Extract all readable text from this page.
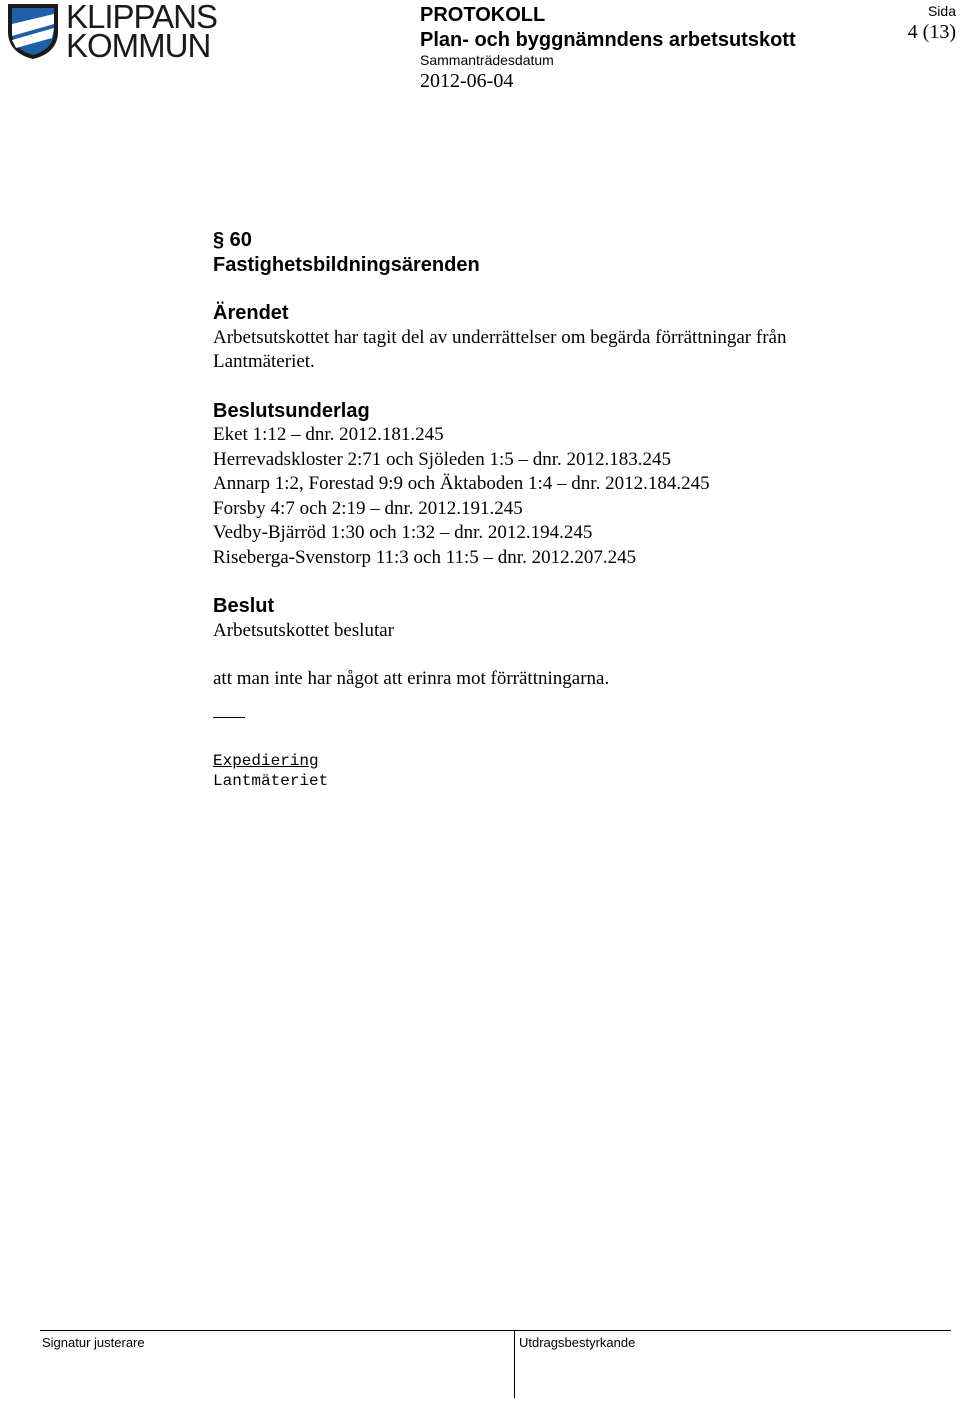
KLIPPANS
KOMMUN
PROTOKOLL
Plan- och byggnämndens arbetsutskott
Sammanträdesdatum
2012-06-04
Sida
4 (13)

§ 60

Fastighetsbildningsärenden

Ärendet

Arbetsutskottet har tagit del av underrättelser om begärda förrättningar från

Lantmäteriet.

Beslutsunderlag

Eket 1:12 – dnr. 2012.181.245

Herrevadskloster 2:71 och Sjöleden 1:5 – dnr. 2012.183.245

Annarp 1:2, Forestad 9:9 och Äktaboden 1:4 – dnr. 2012.184.245

Forsby 4:7 och 2:19 – dnr. 2012.191.245

Vedby-Bjärröd 1:30 och 1:32 – dnr. 2012.194.245

Riseberga-Svenstorp 11:3 och 11:5 – dnr. 2012.207.245

Beslut

Arbetsutskottet beslutar

att man inte har något att erinra mot förrättningarna.

Expediering

Lantmäteriet

Signatur justerare	Utdragsbestyrkande
